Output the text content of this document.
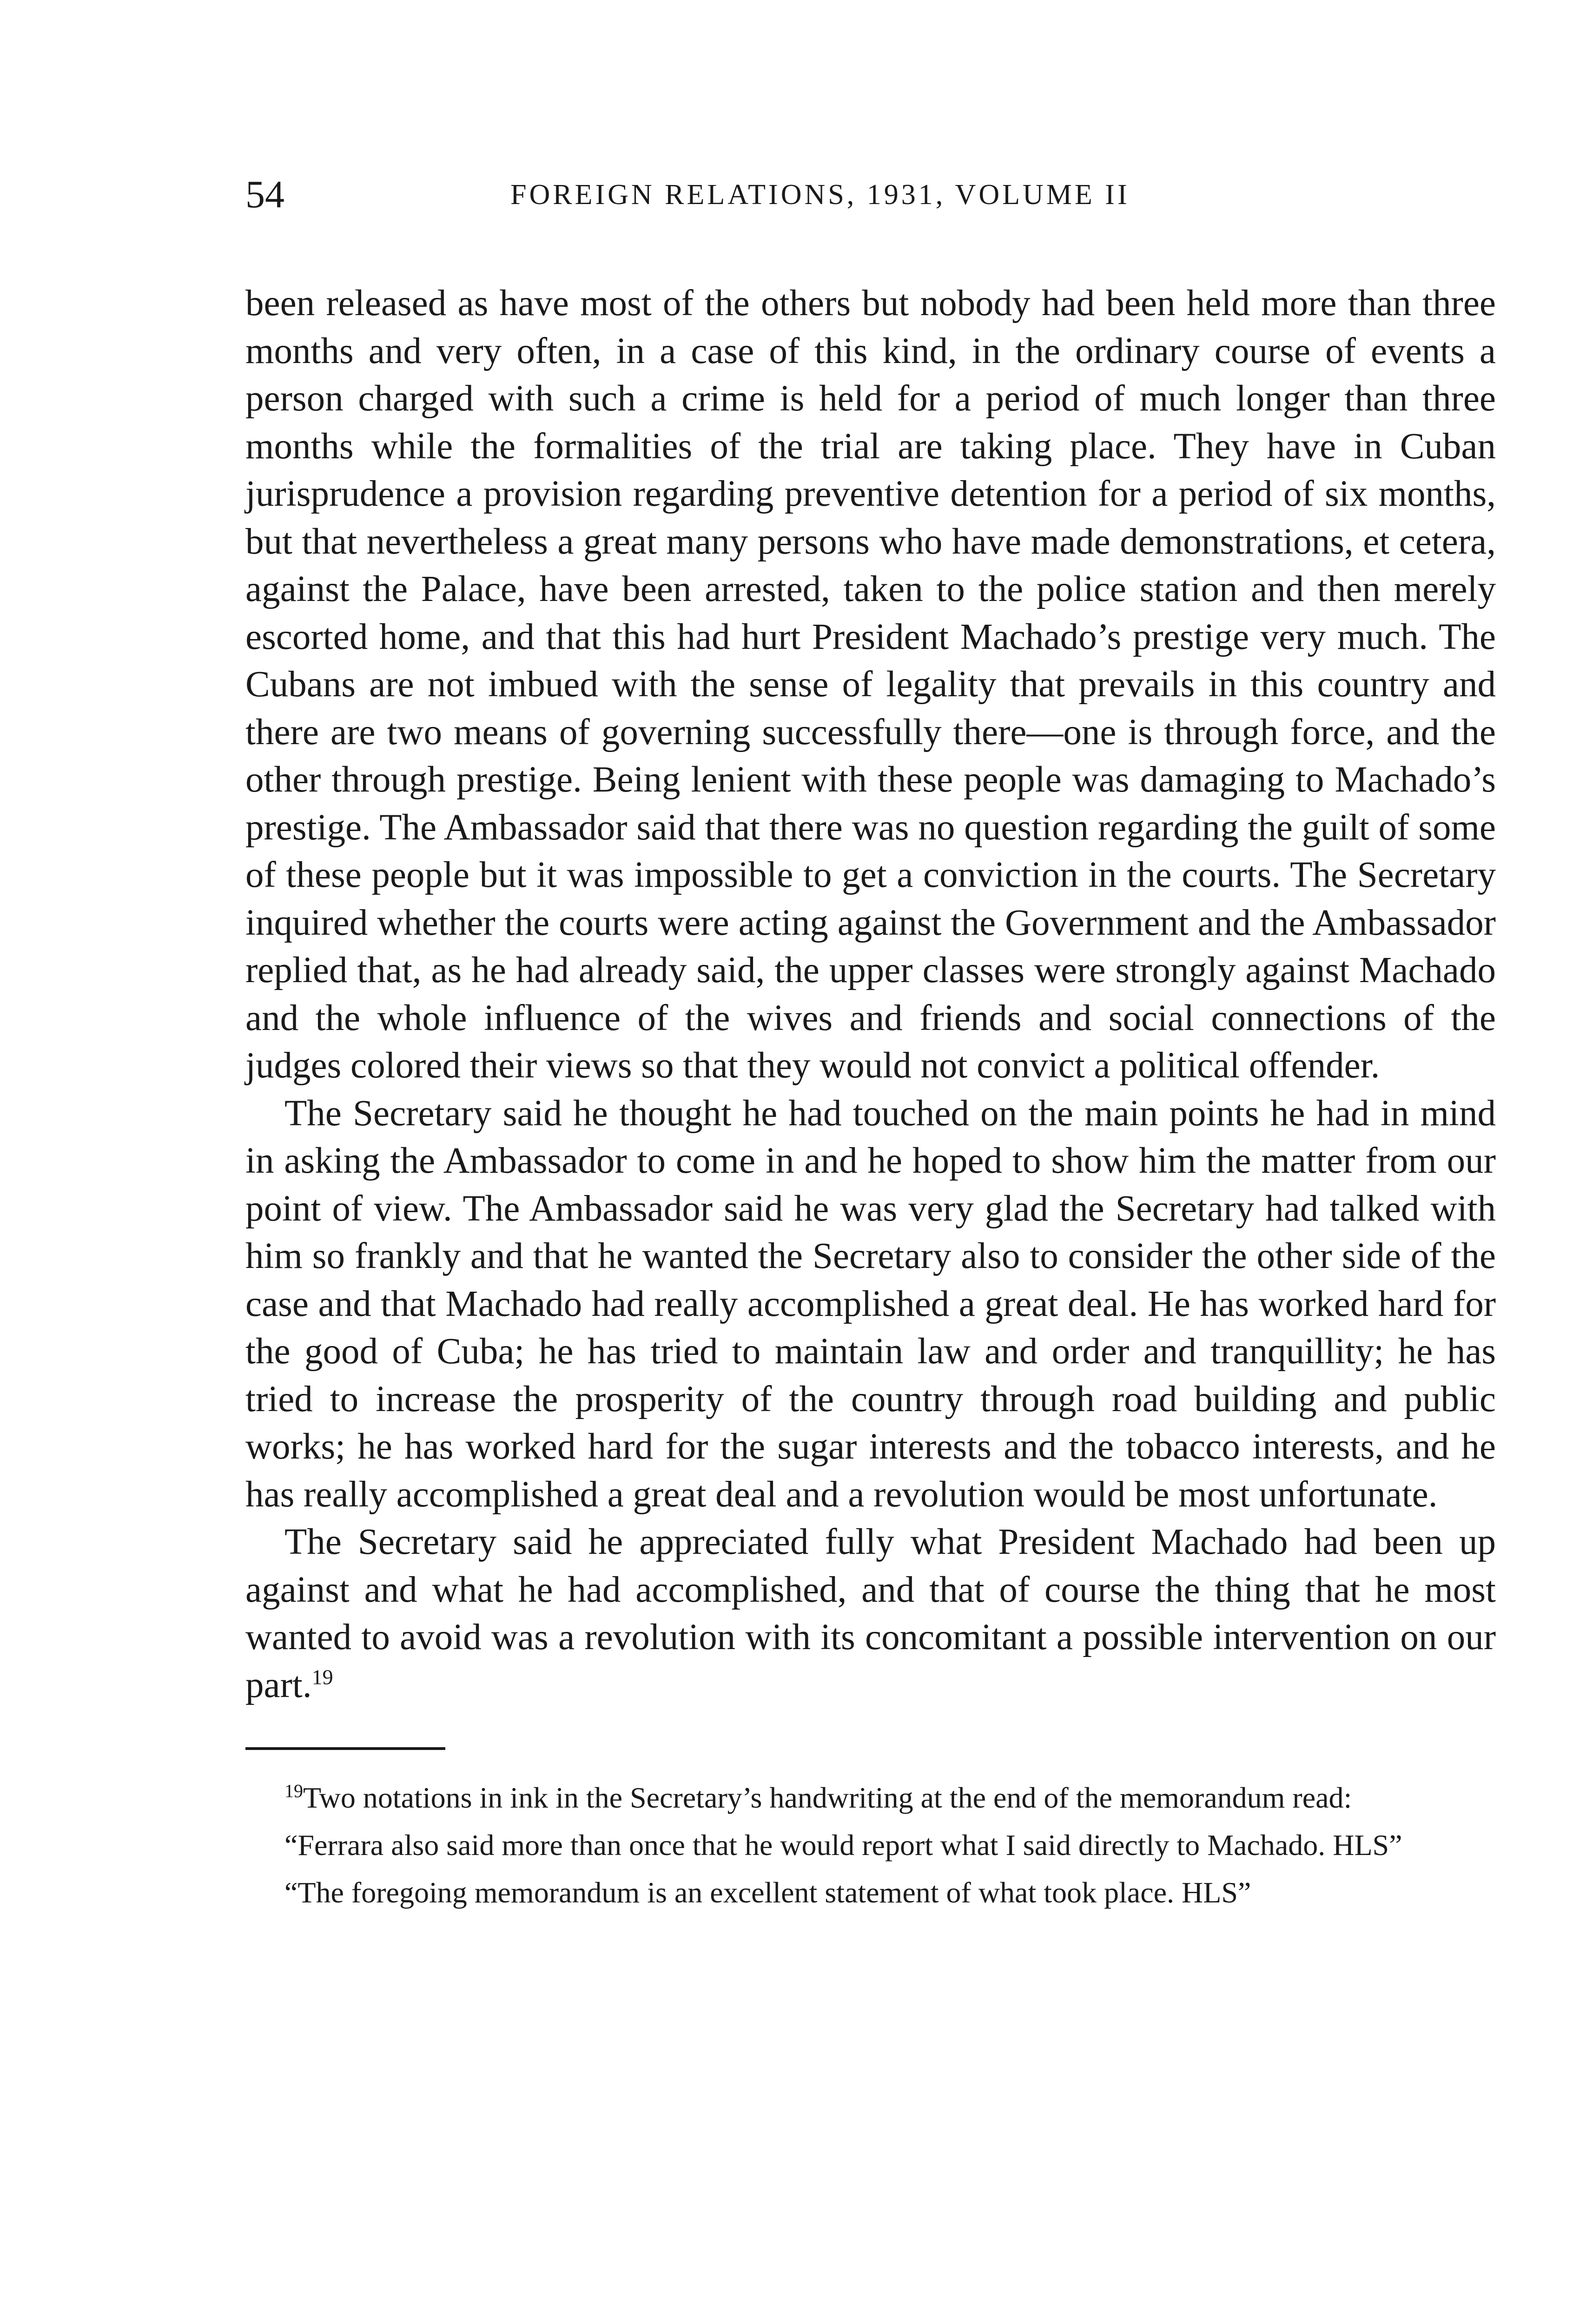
54	FOREIGN RELATIONS, 1931, VOLUME II

been released as have most of the others but nobody had been held more than three months and very often, in a case of this kind, in the ordinary course of events a person charged with such a crime is held for a period of much longer than three months while the formalities of the trial are taking place. They have in Cuban jurisprudence a provision regarding preventive detention for a period of six months, but that nevertheless a great many persons who have made demonstrations, et cetera, against the Palace, have been arrested, taken to the police station and then merely escorted home, and that this had hurt President Machado’s prestige very much. The Cubans are not imbued with the sense of legality that prevails in this country and there are two means of governing successfully there—one is through force, and the other through prestige. Being lenient with these people was damaging to Machado’s prestige. The Ambassador said that there was no question regarding the guilt of some of these people but it was impossible to get a conviction in the courts. The Secretary inquired whether the courts were acting against the Government and the Ambassador replied that, as he had already said, the upper classes were strongly against Machado and the whole influence of the wives and friends and social connections of the judges colored their views so that they would not convict a political offender.

The Secretary said he thought he had touched on the main points he had in mind in asking the Ambassador to come in and he hoped to show him the matter from our point of view. The Ambassador said he was very glad the Secretary had talked with him so frankly and that he wanted the Secretary also to consider the other side of the case and that Machado had really accomplished a great deal. He has worked hard for the good of Cuba; he has tried to maintain law and order and tranquillity; he has tried to increase the prosperity of the country through road building and public works; he has worked hard for the sugar interests and the tobacco interests, and he has really accomplished a great deal and a revolution would be most unfortunate.

The Secretary said he appreciated fully what President Machado had been up against and what he had accomplished, and that of course the thing that he most wanted to avoid was a revolution with its concomitant a possible intervention on our part.$^{19}$

$^{19}$Two notations in ink in the Secretary’s handwriting at the end of the memorandum read:

“Ferrara also said more than once that he would report what I said directly to Machado. HLS”

“The foregoing memorandum is an excellent statement of what took place. HLS”
